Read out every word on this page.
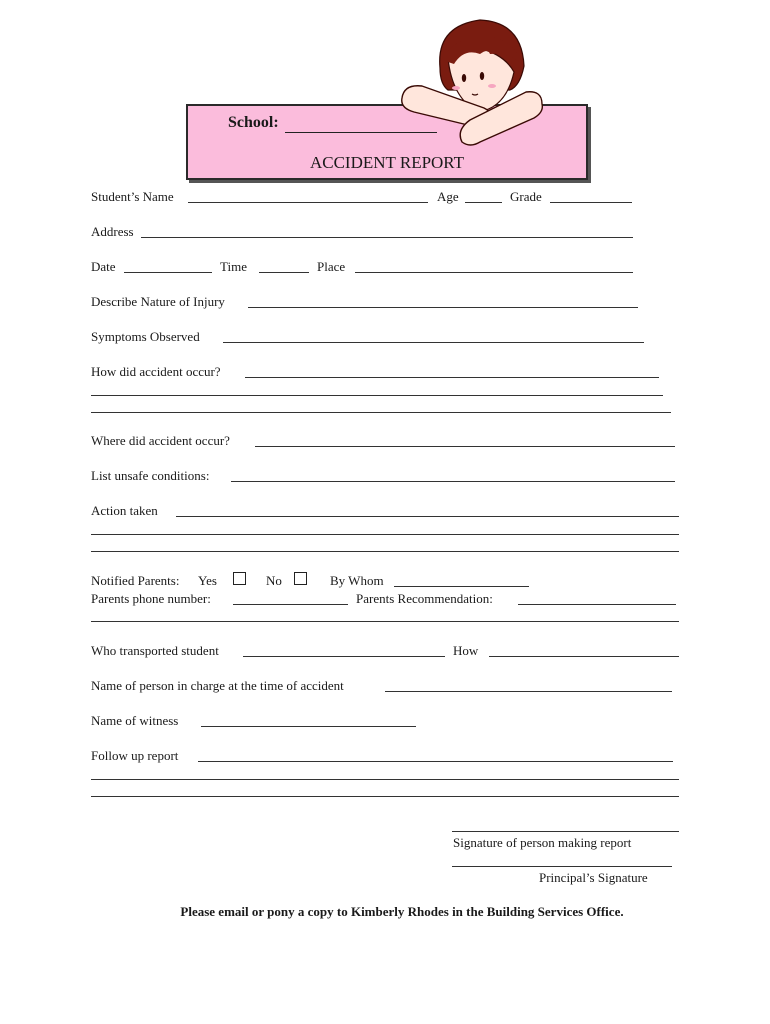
School:
ACCIDENT REPORT
Student’s Name	Age	Grade
Address
Date	Time	Place
Describe Nature of Injury
Symptoms Observed
How did accident occur?
Where did accident occur?
List unsafe conditions:
Action taken
Notified Parents: Yes	No	By Whom
Parents phone number:	Parents Recommendation:
Who transported student	How
Name of person in charge at the time of accident
Name of witness
Follow up report
Signature of person making report
Principal’s Signature
Please email or pony a copy to Kimberly Rhodes in the Building Services Office.
